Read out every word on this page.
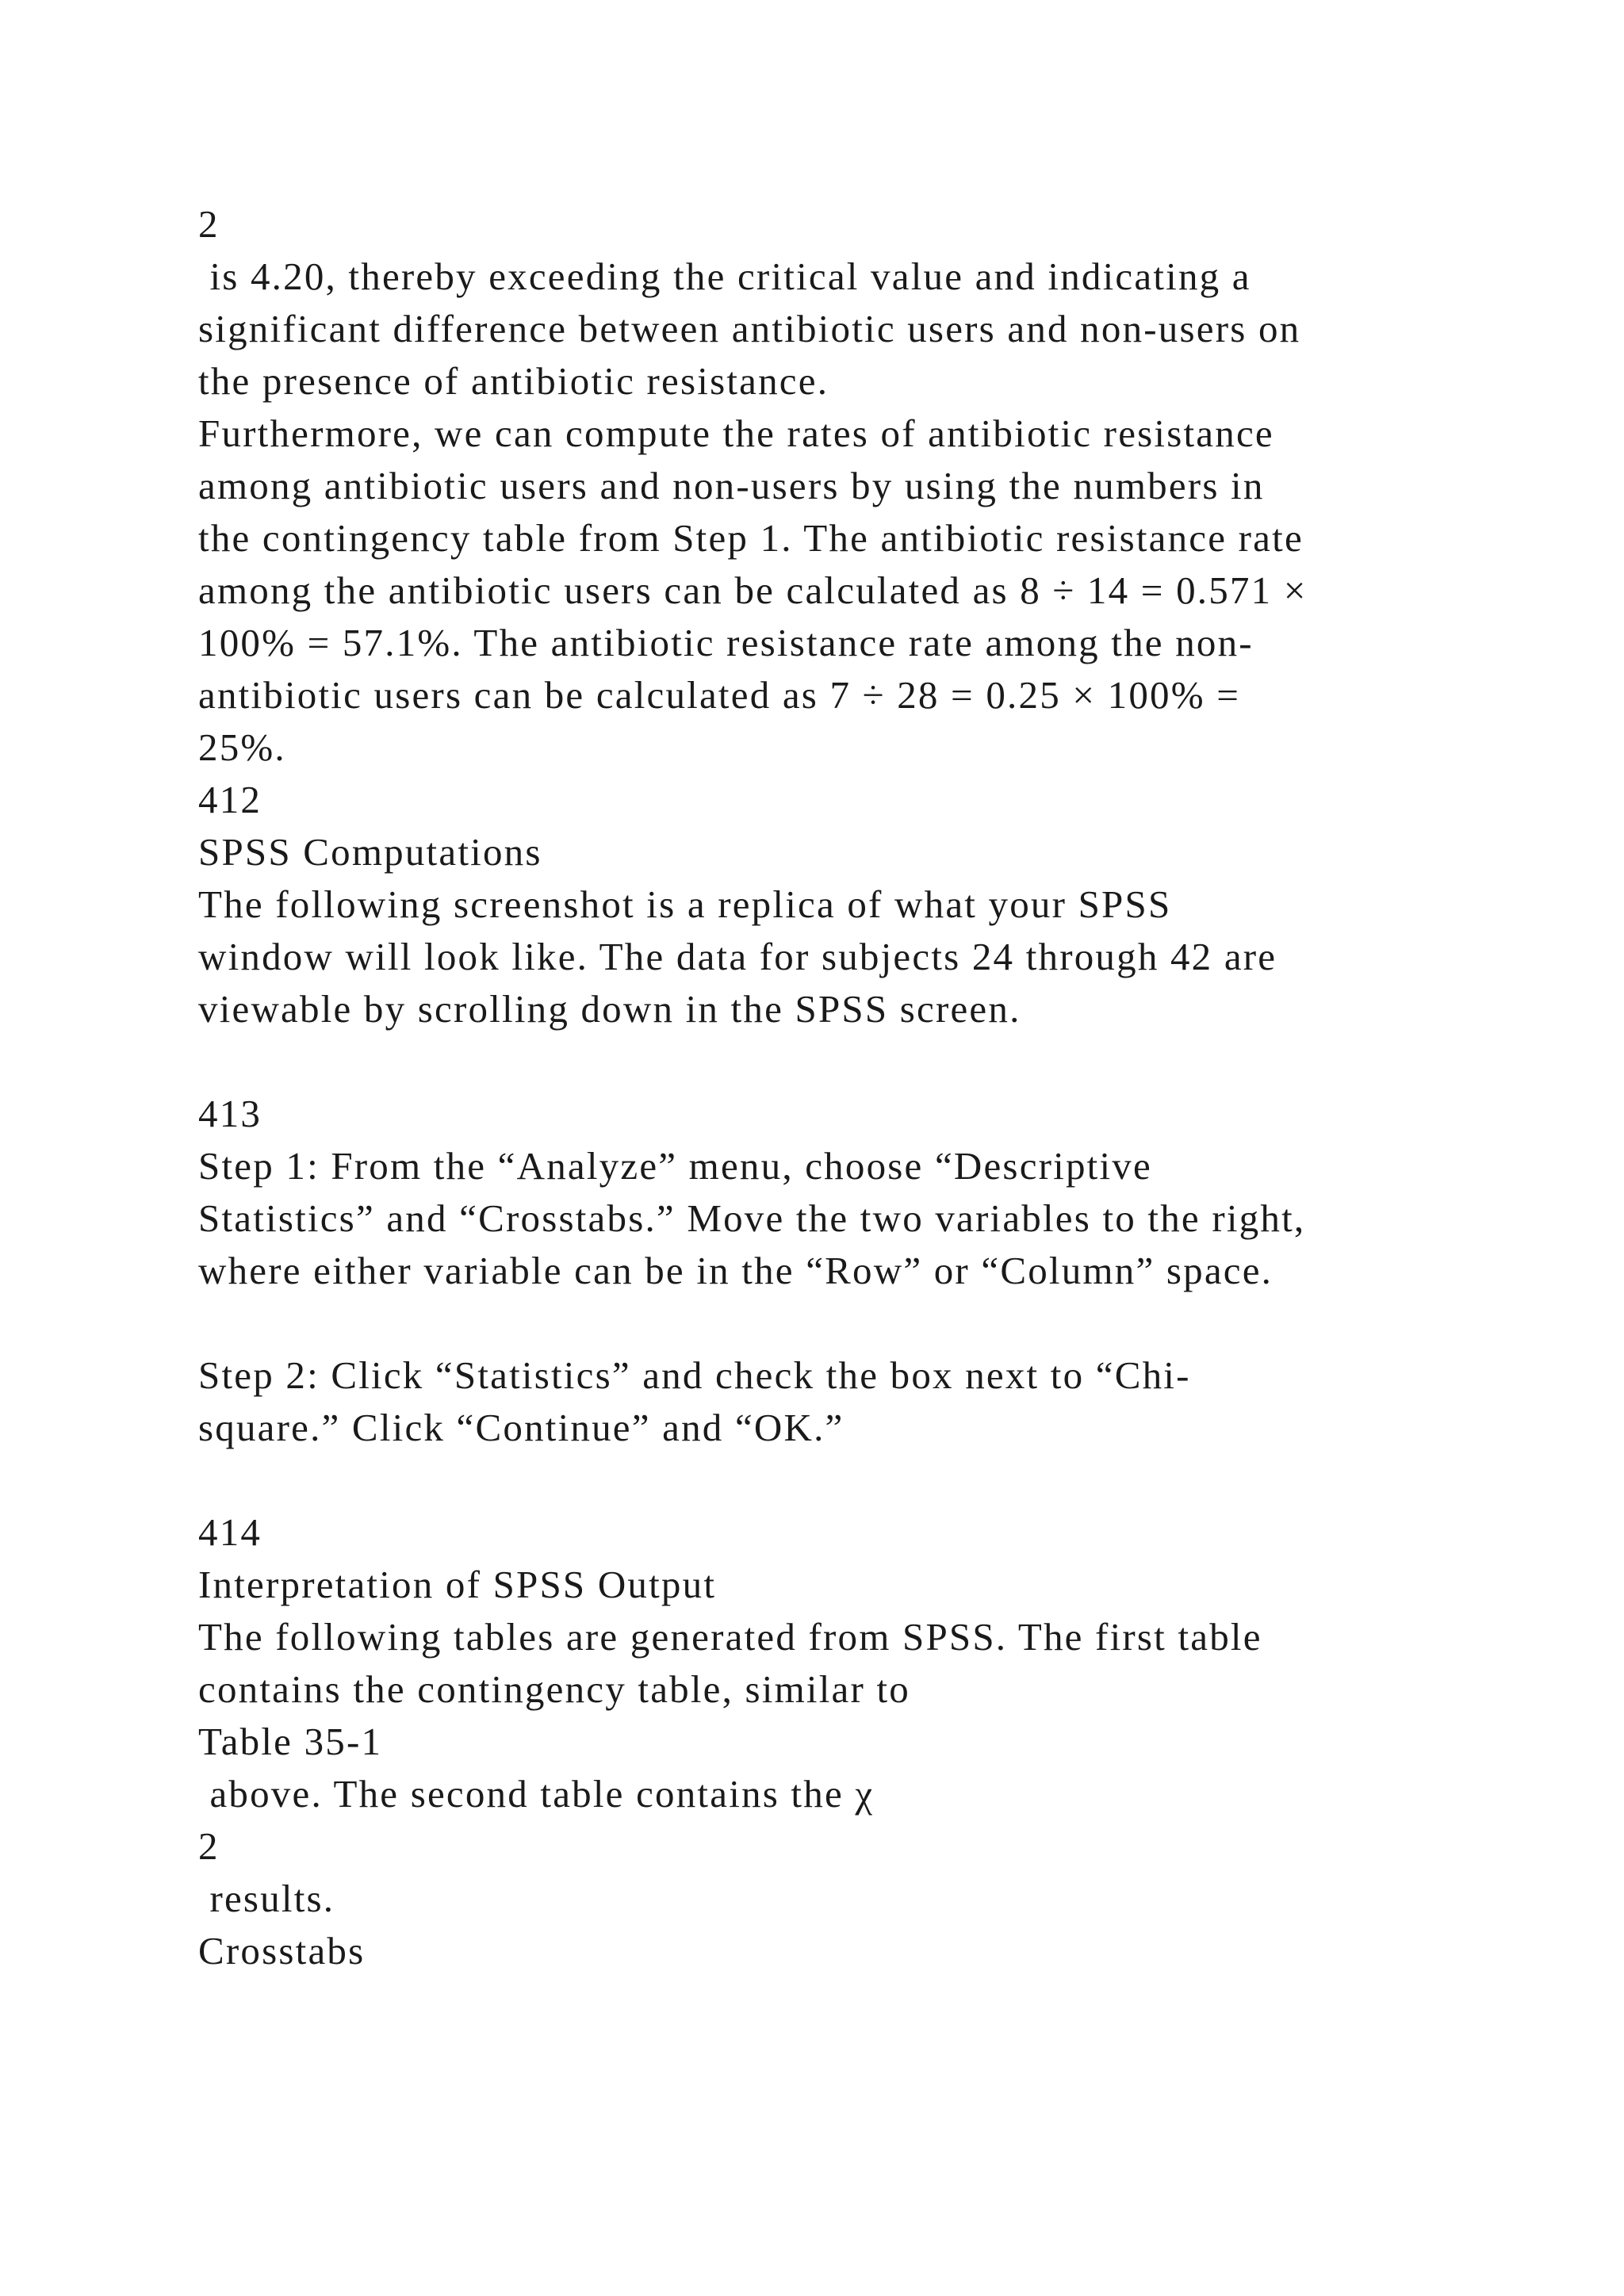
2
is 4.20, thereby exceeding the critical value and indicating a
significant difference between antibiotic users and non-users on
the presence of antibiotic resistance.
Furthermore, we can compute the rates of antibiotic resistance
among antibiotic users and non-users by using the numbers in
the contingency table from Step 1. The antibiotic resistance rate
among the antibiotic users can be calculated as 8 ÷ 14 = 0.571 ×
100% = 57.1%. The antibiotic resistance rate among the non-
antibiotic users can be calculated as 7 ÷ 28 = 0.25 × 100% =
25%.
412
SPSS Computations
The following screenshot is a replica of what your SPSS
window will look like. The data for subjects 24 through 42 are
viewable by scrolling down in the SPSS screen.
413
Step 1: From the “Analyze” menu, choose “Descriptive
Statistics” and “Crosstabs.” Move the two variables to the right,
where either variable can be in the “Row” or “Column” space.
Step 2: Click “Statistics” and check the box next to “Chi-
square.” Click “Continue” and “OK.”
414
Interpretation of SPSS Output
The following tables are generated from SPSS. The first table
contains the contingency table, similar to
Table 35-1
above. The second table contains the χ
2
results.
Crosstabs
